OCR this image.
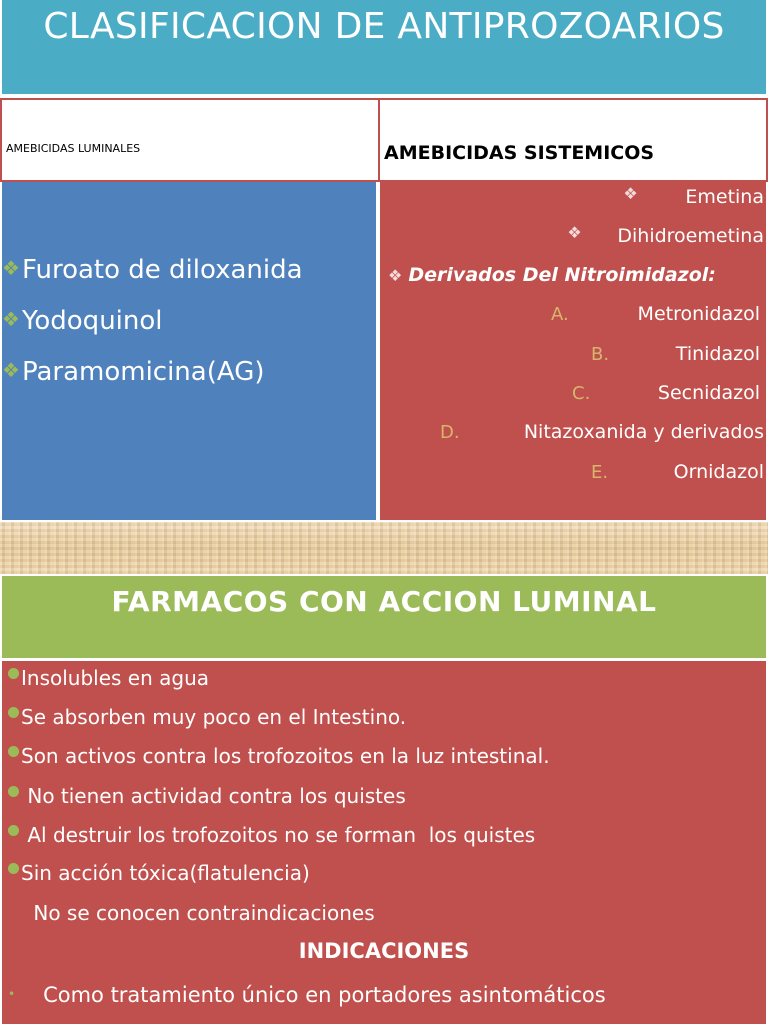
CLASIFICACION DE ANTIPROZOARIOS
AMEBICIDAS LUMINALES	AMEBICIDAS SISTEMICOS
❖Furoato de diloxanida
❖Yodoquinol
❖Paramomicina(AG)
❖	Emetina
❖ Dihidroemetina
❖ Derivados Del Nitroimidazol:
A.	Metronidazol
B.	Tinidazol
C.	Secnidazol
D.	Nitazoxanida y derivados
E.	Ornidazol
FARMACOS CON ACCION LUMINAL
Insolubles en agua
Se absorben muy poco en el Intestino.
Son activos contra los trofozoitos en la luz intestinal.
No tienen actividad contra los quistes
Al destruir los trofozoitos no se forman  los quistes
Sin acción tóxica(flatulencia)
No se conocen contraindicaciones
INDICACIONES
• Como tratamiento único en portadores asintomáticos
